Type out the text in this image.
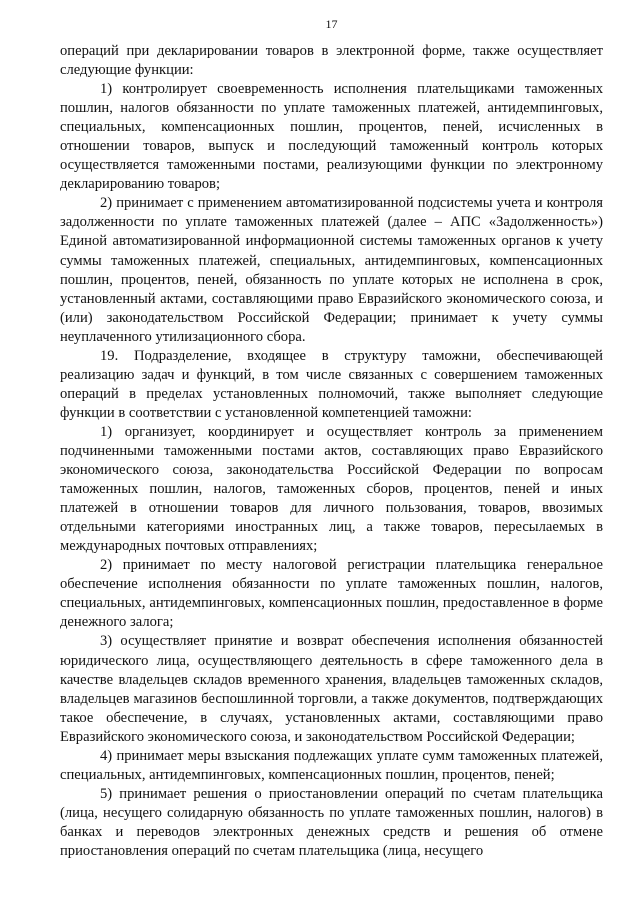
17

операций при декларировании товаров в электронной форме, также осуществляет следующие функции:

1) контролирует своевременность исполнения плательщиками таможенных пошлин, налогов обязанности по уплате таможенных платежей, антидемпинговых, специальных, компенсационных пошлин, процентов, пеней, исчисленных в отношении товаров, выпуск и последующий таможенный контроль которых осуществляется таможенными постами, реализующими функции по электронному декларированию товаров;

2) принимает с применением автоматизированной подсистемы учета и контроля задолженности по уплате таможенных платежей (далее – АПС «Задолженность») Единой автоматизированной информационной системы таможенных органов к учету суммы таможенных платежей, специальных, антидемпинговых, компенсационных пошлин, процентов, пеней, обязанность по уплате которых не исполнена в срок, установленный актами, составляющими право Евразийского экономического союза, и (или) законодательством Российской Федерации; принимает к учету суммы неуплаченного утилизационного сбора.

19. Подразделение, входящее в структуру таможни, обеспечивающей реализацию задач и функций, в том числе связанных с совершением таможенных операций в пределах установленных полномочий, также выполняет следующие функции в соответствии с установленной компетенцией таможни:

1) организует, координирует и осуществляет контроль за применением подчиненными таможенными постами актов, составляющих право Евразийского экономического союза, законодательства Российской Федерации по вопросам таможенных пошлин, налогов, таможенных сборов, процентов, пеней и иных платежей в отношении товаров для личного пользования, товаров, ввозимых отдельными категориями иностранных лиц, а также товаров, пересылаемых в международных почтовых отправлениях;

2) принимает по месту налоговой регистрации плательщика генеральное обеспечение исполнения обязанности по уплате таможенных пошлин, налогов, специальных, антидемпинговых, компенсационных пошлин, предоставленное в форме денежного залога;

3) осуществляет принятие и возврат обеспечения исполнения обязанностей юридического лица, осуществляющего деятельность в сфере таможенного дела в качестве владельцев складов временного хранения, владельцев таможенных складов, владельцев магазинов беспошлинной торговли, а также документов, подтверждающих такое обеспечение, в случаях, установленных актами, составляющими право Евразийского экономического союза, и законодательством Российской Федерации;

4) принимает меры взыскания подлежащих уплате сумм таможенных платежей, специальных, антидемпинговых, компенсационных пошлин, процентов, пеней;

5) принимает решения о приостановлении операций по счетам плательщика (лица, несущего солидарную обязанность по уплате таможенных пошлин, налогов) в банках и переводов электронных денежных средств и решения об отмене приостановления операций по счетам плательщика (лица, несущего
